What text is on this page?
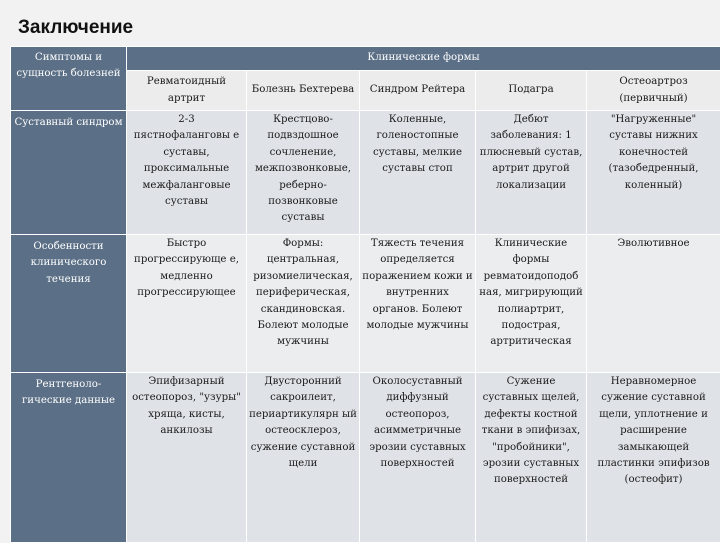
Заключение
Симптомы и сущность болезней	Клинические формы				
	Ревматоидный артрит	Болезнь Бехтерева	Синдром Рейтера	Подагра	Остеоартроз (первичный)
Суставный синдром	2-3 пястнофаланговы е суставы, проксимальные межфаланговые суставы	Крестцово-подвздошное сочленение, межпозвонковые, реберно-позвонковые суставы	Коленные, голеностопные суставы, мелкие суставы стоп	Дебют заболевания: 1 плюсневый сустав, артрит другой локализации	"Нагруженные" суставы нижних конечностей (тазобедренный, коленный)
Особенности клинического течения	Быстро прогрессирующе е, медленно прогрессирующее	Формы: центральная, ризомиелическая, периферическая, скандиновская. Болеют молодые мужчины	Тяжесть течения определяется поражением кожи и внутренних органов. Болеют молодые мужчины	Клинические формы ревматоидоподоб ная, мигрирующий полиартрит, подострая, артритическая	Эволютивное
Рентгеноло-гические данные	Эпифизарный остеопороз, "узуры" хряща, кисты, анкилозы	Двусторонний сакроилеит, периартикулярн ый остеосклероз, сужение суставной щели	Околосуставный диффузный остеопороз, асимметричные эрозии суставных поверхностей	Сужение суставных щелей, дефекты костной ткани в эпифизах, "пробойники", эрозии суставных поверхностей	Неравномерное сужение суставной щели, уплотнение и расширение замыкающей пластинки эпифизов (остеофит)
